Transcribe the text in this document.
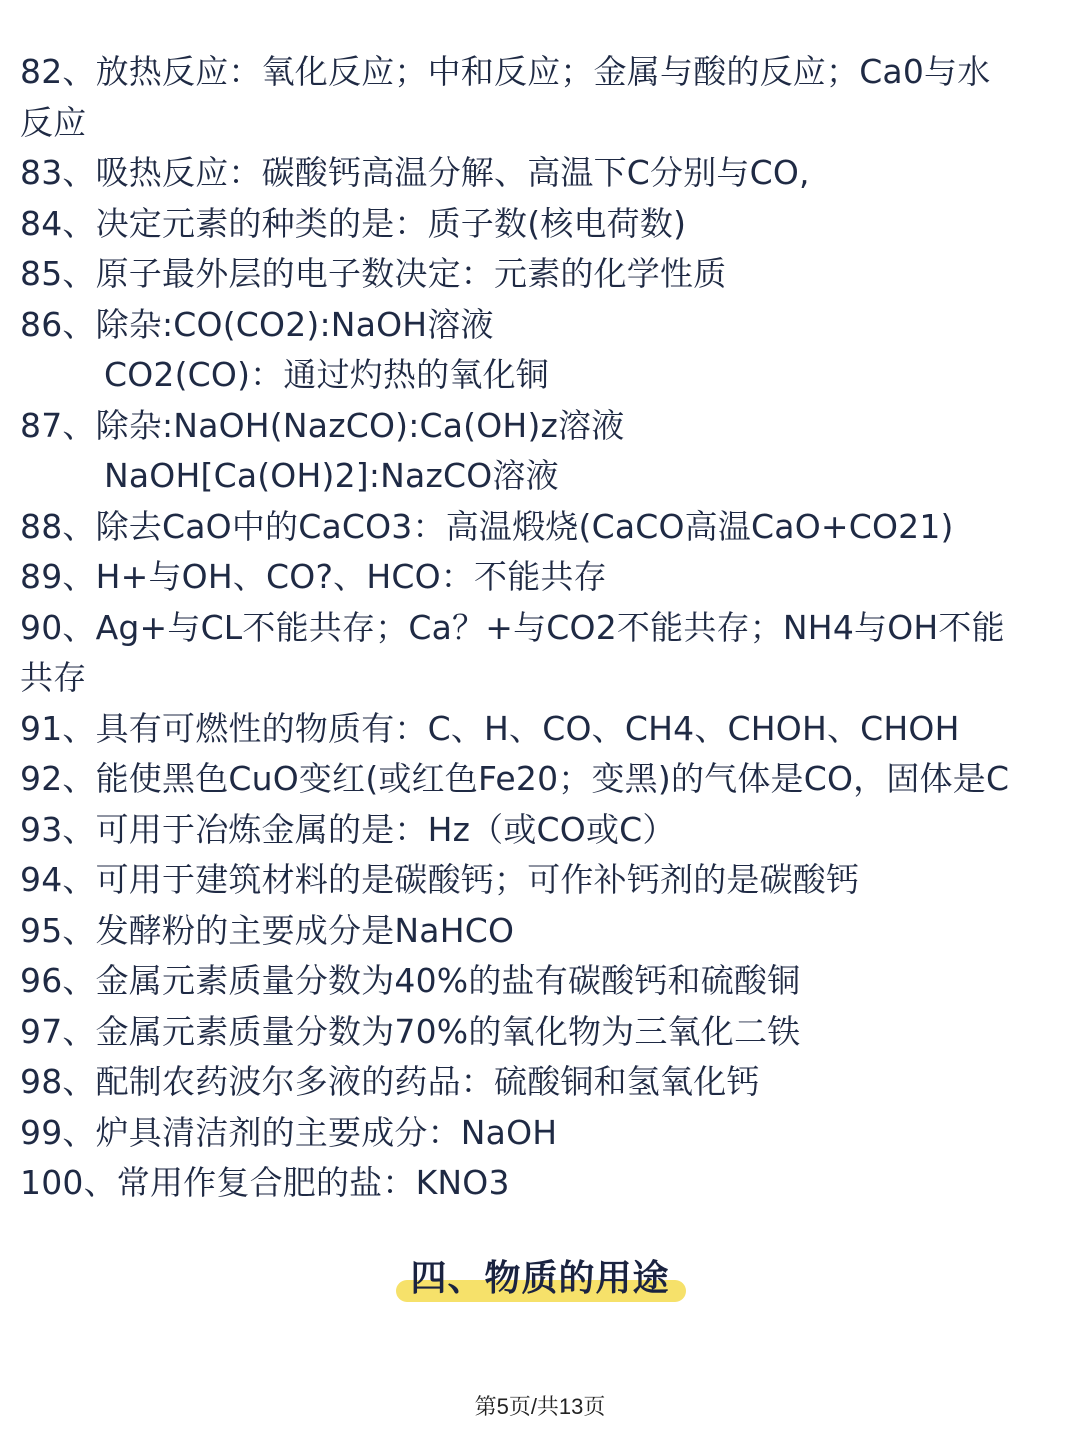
82、放热反应：氧化反应；中和反应；金属与酸的反应；Ca0与水
反应
83、吸热反应：碳酸钙高温分解、高温下C分别与CO,
84、决定元素的种类的是：质子数(核电荷数)
85、原子最外层的电子数决定：元素的化学性质
86、除杂:CO(CO2):NaOH溶液
CO2(CO)：通过灼热的氧化铜
87、除杂:NaOH(NazCO):Ca(OH)z溶液
NaOH[Ca(OH)2]:NazCO溶液
88、除去CaO中的CaCO3：高温煅烧(CaCO高温CaO+CO21)
89、H+与OH、CO?、HCO：不能共存
90、Ag+与CL不能共存；Ca？+与CO2不能共存；NH4与OH不能
共存
91、具有可燃性的物质有：C、H、CO、CH4、CHOH、CHOH
92、能使黑色CuO变红(或红色Fe20；变黑)的气体是CO，固体是C
93、可用于冶炼金属的是：Hz（或CO或C）
94、可用于建筑材料的是碳酸钙；可作补钙剂的是碳酸钙
95、发酵粉的主要成分是NaHCO
96、金属元素质量分数为40%的盐有碳酸钙和硫酸铜
97、金属元素质量分数为70%的氧化物为三氧化二铁
98、配制农药波尔多液的药品：硫酸铜和氢氧化钙
99、炉具清洁剂的主要成分：NaOH
100、常用作复合肥的盐：KNO3
四、物质的用途
第5页/共13页
